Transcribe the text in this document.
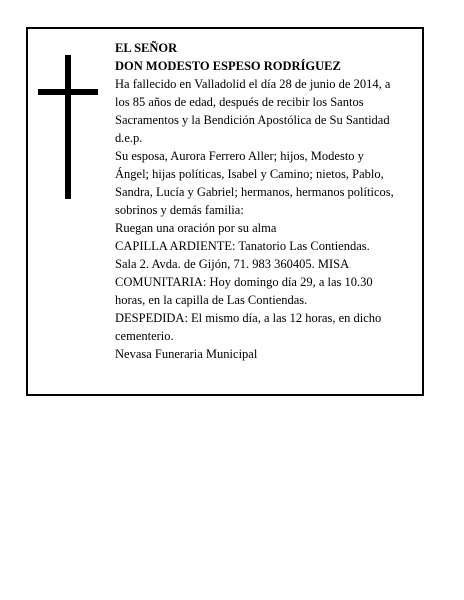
EL SEÑOR
DON MODESTO ESPESO RODRÍGUEZ
Ha fallecido en Valladolid el día 28 de junio de 2014, a
los 85 años de edad, después de recibir los Santos
Sacramentos y la Bendición Apostólica de Su Santidad
d.e.p.
Su esposa, Aurora Ferrero Aller; hijos, Modesto y
Ángel; hijas políticas, Isabel y Camino; nietos, Pablo,
Sandra, Lucía y Gabriel; hermanos, hermanos políticos,
sobrinos y demás familia:
Ruegan una oración por su alma
CAPILLA ARDIENTE: Tanatorio Las Contiendas.
Sala 2. Avda. de Gijón, 71. 983 360405. MISA
COMUNITARIA: Hoy domingo día 29, a las 10.30
horas, en la capilla de Las Contiendas.
DESPEDIDA: El mismo día, a las 12 horas, en dicho
cementerio.
Nevasa Funeraria Municipal
